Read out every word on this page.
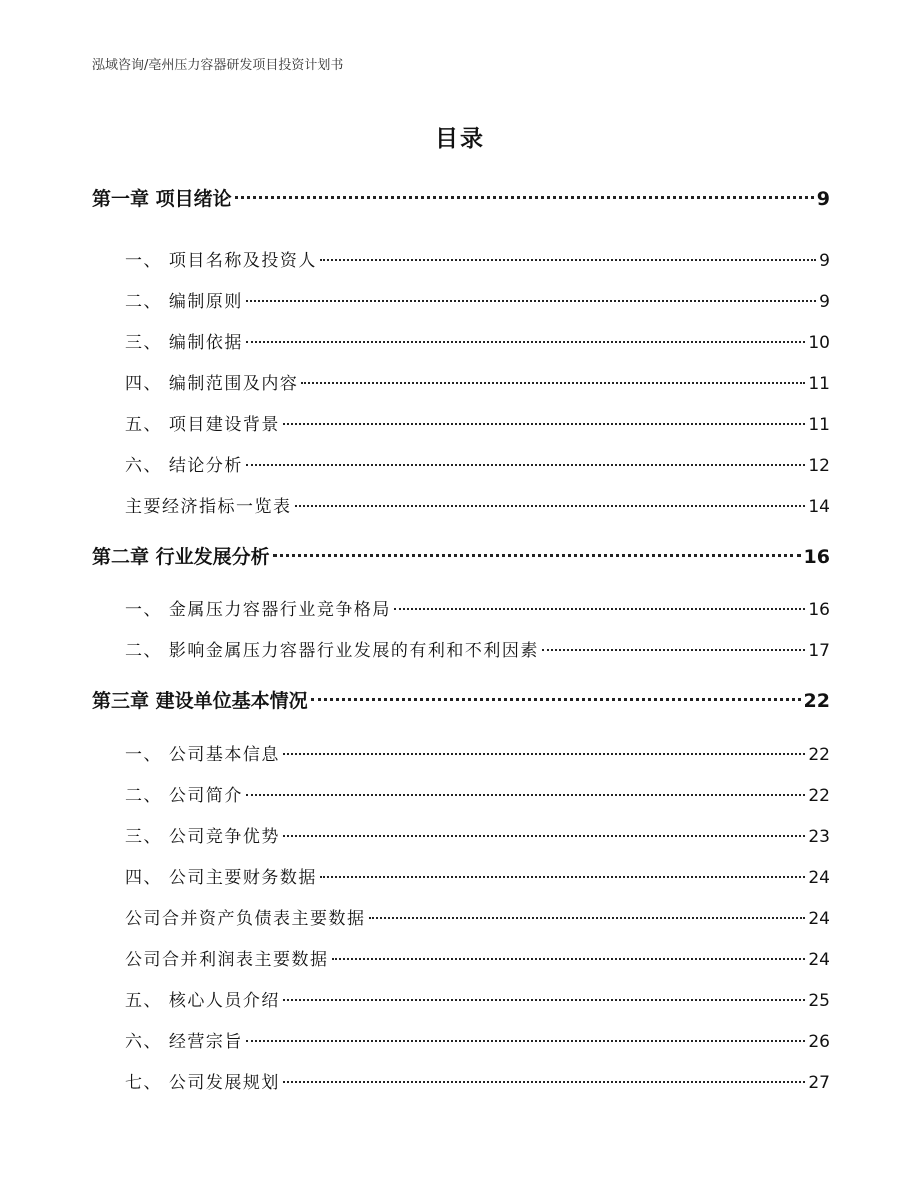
泓域咨询/亳州压力容器研发项目投资计划书
目录
第一章 项目绪论	9
一、 项目名称及投资人	9
二、 编制原则	9
三、 编制依据	10
四、 编制范围及内容	11
五、 项目建设背景	11
六、 结论分析	12
主要经济指标一览表	14
第二章 行业发展分析	16
一、 金属压力容器行业竞争格局	16
二、 影响金属压力容器行业发展的有利和不利因素	17
第三章 建设单位基本情况	22
一、 公司基本信息	22
二、 公司简介	22
三、 公司竞争优势	23
四、 公司主要财务数据	24
公司合并资产负债表主要数据	24
公司合并利润表主要数据	24
五、 核心人员介绍	25
六、 经营宗旨	26
七、 公司发展规划	27
